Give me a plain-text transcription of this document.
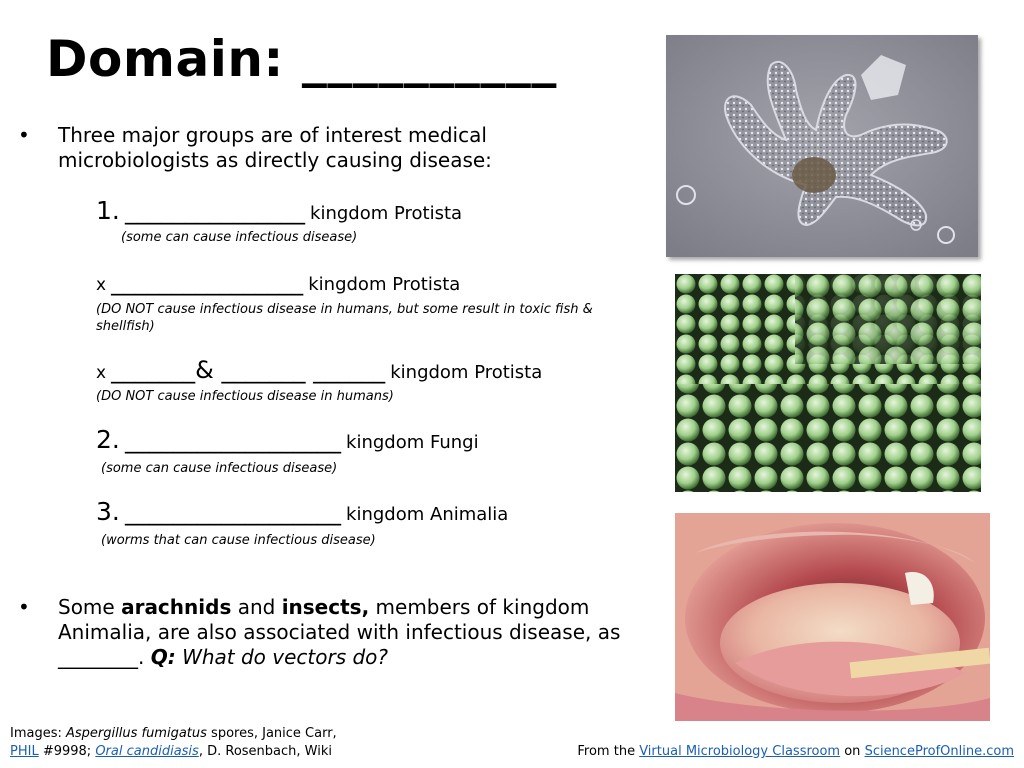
Domain: __________
•	Three major groups are of interest medical
microbiologists as directly causing disease:
1. _______________ kingdom Protista
(some can cause infectious disease)
x ________________ kingdom Protista
(DO NOT cause infectious disease in humans, but some result in toxic fish & shellfish)
x _______& _______ ______ kingdom Protista
(DO NOT cause infectious disease in humans)
2. __________________ kingdom Fungi
(some can cause infectious disease)
3. __________________ kingdom Animalia
(worms that can cause infectious disease)
•	Some arachnids and insects, members of kingdom
Animalia, are also associated with infectious disease, as
________. Q: What do vectors do?
Images: Aspergillus fumigatus spores, Janice Carr,
PHIL #9998; Oral candidiasis, D. Rosenbach, Wiki	From the Virtual Microbiology Classroom on ScienceProfOnline.com
